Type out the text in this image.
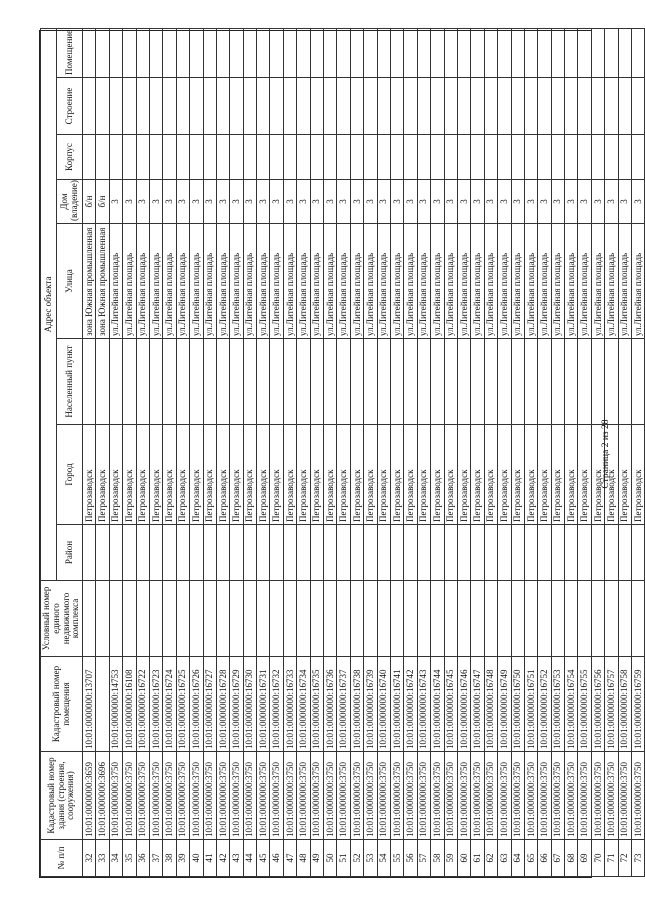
№ п/п	Кадастровый номер здания (строения, сооружения)	Кадастровый номер помещения	Условный номер единого недвижимого комплекса	Адрес объекта							
				Район	Город	Населенный пункт	Улица	Дом (владение)	Корпус	Строение	Помещение
32	10:01:0000000:3659	10:01:0000000:13707			Петрозаводск		зона Южная промышленная	б/н			
33	10:01:0000000:3696				Петрозаводск		зона Южная промышленная	б/н			
34	10:01:0000000:3750	10:01:0000000:14753			Петрозаводск		ул.Литейная площадь	3			
35	10:01:0000000:3750	10:01:0000000:16108			Петрозаводск		ул.Литейная площадь	3			
36	10:01:0000000:3750	10:01:0000000:16722			Петрозаводск		ул.Литейная площадь	3			
37	10:01:0000000:3750	10:01:0000000:16723			Петрозаводск		ул.Литейная площадь	3			
38	10:01:0000000:3750	10:01:0000000:16724			Петрозаводск		ул.Литейная площадь	3			
39	10:01:0000000:3750	10:01:0000000:16725			Петрозаводск		ул.Литейная площадь	3			
40	10:01:0000000:3750	10:01:0000000:16726			Петрозаводск		ул.Литейная площадь	3			
41	10:01:0000000:3750	10:01:0000000:16727			Петрозаводск		ул.Литейная площадь	3			
42	10:01:0000000:3750	10:01:0000000:16728			Петрозаводск		ул.Литейная площадь	3			
43	10:01:0000000:3750	10:01:0000000:16729			Петрозаводск		ул.Литейная площадь	3			
44	10:01:0000000:3750	10:01:0000000:16730			Петрозаводск		ул.Литейная площадь	3			
45	10:01:0000000:3750	10:01:0000000:16731			Петрозаводск		ул.Литейная площадь	3			
46	10:01:0000000:3750	10:01:0000000:16732			Петрозаводск		ул.Литейная площадь	3			
47	10:01:0000000:3750	10:01:0000000:16733			Петрозаводск		ул.Литейная площадь	3			
48	10:01:0000000:3750	10:01:0000000:16734			Петрозаводск		ул.Литейная площадь	3			
49	10:01:0000000:3750	10:01:0000000:16735			Петрозаводск		ул.Литейная площадь	3			
50	10:01:0000000:3750	10:01:0000000:16736			Петрозаводск		ул.Литейная площадь	3			
51	10:01:0000000:3750	10:01:0000000:16737			Петрозаводск		ул.Литейная площадь	3			
52	10:01:0000000:3750	10:01:0000000:16738			Петрозаводск		ул.Литейная площадь	3			
53	10:01:0000000:3750	10:01:0000000:16739			Петрозаводск		ул.Литейная площадь	3			
54	10:01:0000000:3750	10:01:0000000:16740			Петрозаводск		ул.Литейная площадь	3			
55	10:01:0000000:3750	10:01:0000000:16741			Петрозаводск		ул.Литейная площадь	3			
56	10:01:0000000:3750	10:01:0000000:16742			Петрозаводск		ул.Литейная площадь	3			
57	10:01:0000000:3750	10:01:0000000:16743			Петрозаводск		ул.Литейная площадь	3			
58	10:01:0000000:3750	10:01:0000000:16744			Петрозаводск		ул.Литейная площадь	3			
59	10:01:0000000:3750	10:01:0000000:16745			Петрозаводск		ул.Литейная площадь	3			
60	10:01:0000000:3750	10:01:0000000:16746			Петрозаводск		ул.Литейная площадь	3			
61	10:01:0000000:3750	10:01:0000000:16747			Петрозаводск		ул.Литейная площадь	3			
62	10:01:0000000:3750	10:01:0000000:16748			Петрозаводск		ул.Литейная площадь	3			
63	10:01:0000000:3750	10:01:0000000:16749			Петрозаводск		ул.Литейная площадь	3			
64	10:01:0000000:3750	10:01:0000000:16750			Петрозаводск		ул.Литейная площадь	3			
65	10:01:0000000:3750	10:01:0000000:16751			Петрозаводск		ул.Литейная площадь	3			
66	10:01:0000000:3750	10:01:0000000:16752			Петрозаводск		ул.Литейная площадь	3			
67	10:01:0000000:3750	10:01:0000000:16753			Петрозаводск		ул.Литейная площадь	3			
68	10:01:0000000:3750	10:01:0000000:16754			Петрозаводск		ул.Литейная площадь	3			
69	10:01:0000000:3750	10:01:0000000:16755			Петрозаводск		ул.Литейная площадь	3			
70	10:01:0000000:3750	10:01:0000000:16756			Петрозаводск		ул.Литейная площадь	3			
71	10:01:0000000:3750	10:01:0000000:16757			Петрозаводск		ул.Литейная площадь	3			
72	10:01:0000000:3750	10:01:0000000:16758			Петрозаводск		ул.Литейная площадь	3			
73	10:01:0000000:3750	10:01:0000000:16759			Петрозаводск		ул.Литейная площадь	3			
Страница 2 из 28
